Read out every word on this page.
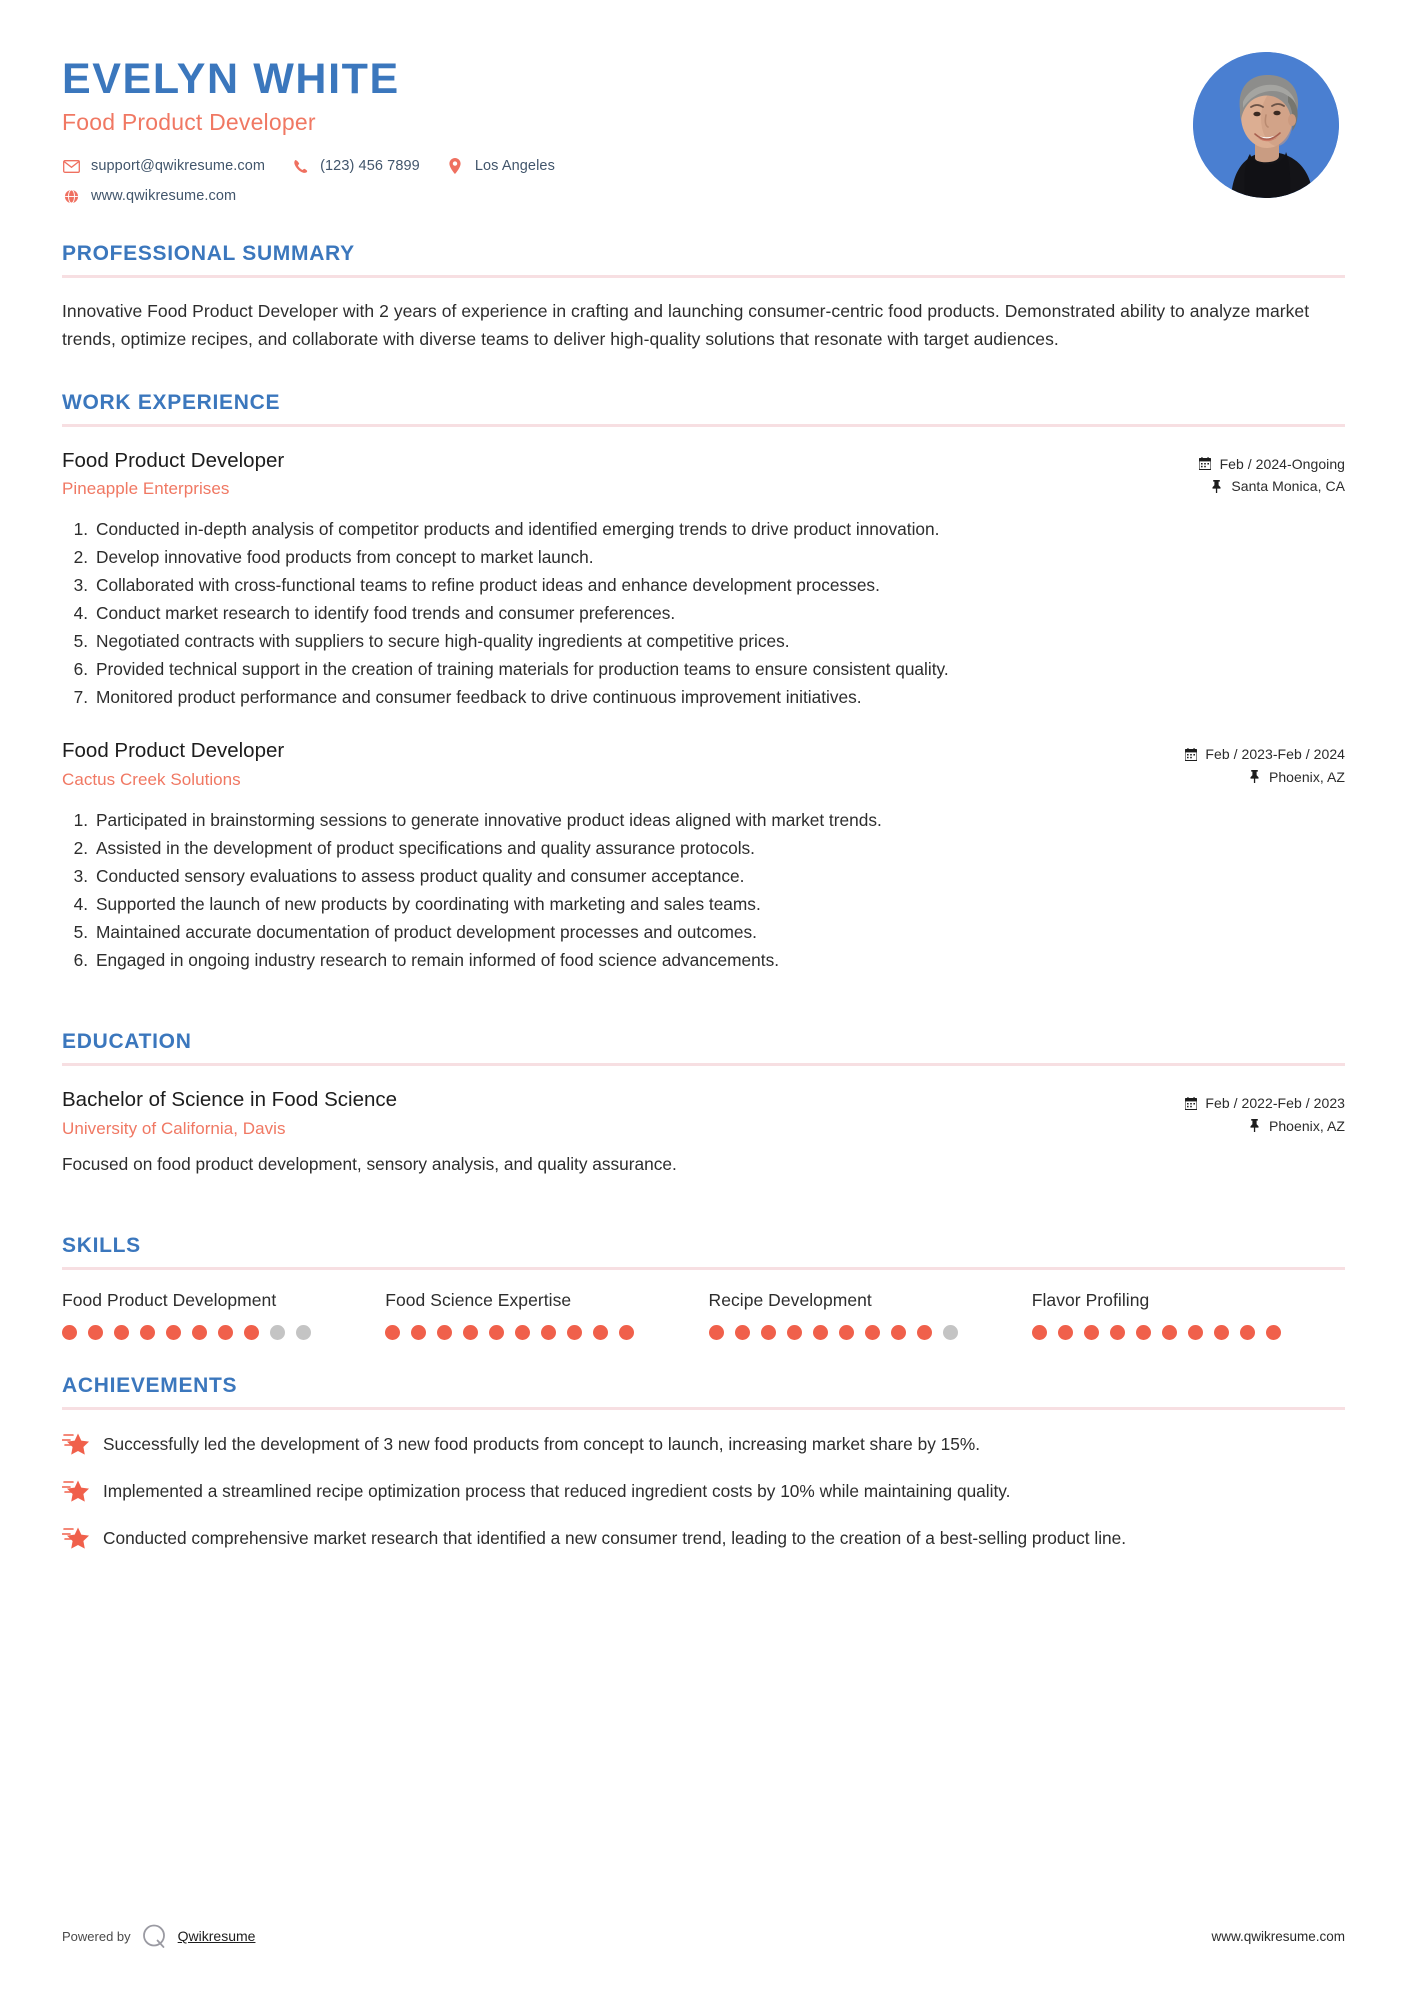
EVELYN WHITE
Food Product Developer
support@qwikresume.com	(123) 456 7899	Los Angeles
www.qwikresume.com
PROFESSIONAL SUMMARY
Innovative Food Product Developer with 2 years of experience in crafting and launching consumer-centric food products. Demonstrated ability to analyze market trends, optimize recipes, and collaborate with diverse teams to deliver high-quality solutions that resonate with target audiences.
WORK EXPERIENCE
Food Product Developer
Pineapple Enterprises
Feb / 2024-Ongoing
Santa Monica, CA
1. Conducted in-depth analysis of competitor products and identified emerging trends to drive product innovation.
2. Develop innovative food products from concept to market launch.
3. Collaborated with cross-functional teams to refine product ideas and enhance development processes.
4. Conduct market research to identify food trends and consumer preferences.
5. Negotiated contracts with suppliers to secure high-quality ingredients at competitive prices.
6. Provided technical support in the creation of training materials for production teams to ensure consistent quality.
7. Monitored product performance and consumer feedback to drive continuous improvement initiatives.
Food Product Developer
Cactus Creek Solutions
Feb / 2023-Feb / 2024
Phoenix, AZ
1. Participated in brainstorming sessions to generate innovative product ideas aligned with market trends.
2. Assisted in the development of product specifications and quality assurance protocols.
3. Conducted sensory evaluations to assess product quality and consumer acceptance.
4. Supported the launch of new products by coordinating with marketing and sales teams.
5. Maintained accurate documentation of product development processes and outcomes.
6. Engaged in ongoing industry research to remain informed of food science advancements.
EDUCATION
Bachelor of Science in Food Science
University of California, Davis
Feb / 2022-Feb / 2023
Phoenix, AZ
Focused on food product development, sensory analysis, and quality assurance.
SKILLS
Food Product Development	Food Science Expertise	Recipe Development	Flavor Profiling
ACHIEVEMENTS
Successfully led the development of 3 new food products from concept to launch, increasing market share by 15%.
Implemented a streamlined recipe optimization process that reduced ingredient costs by 10% while maintaining quality.
Conducted comprehensive market research that identified a new consumer trend, leading to the creation of a best-selling product line.
Powered by	Qwikresume	www.qwikresume.com
